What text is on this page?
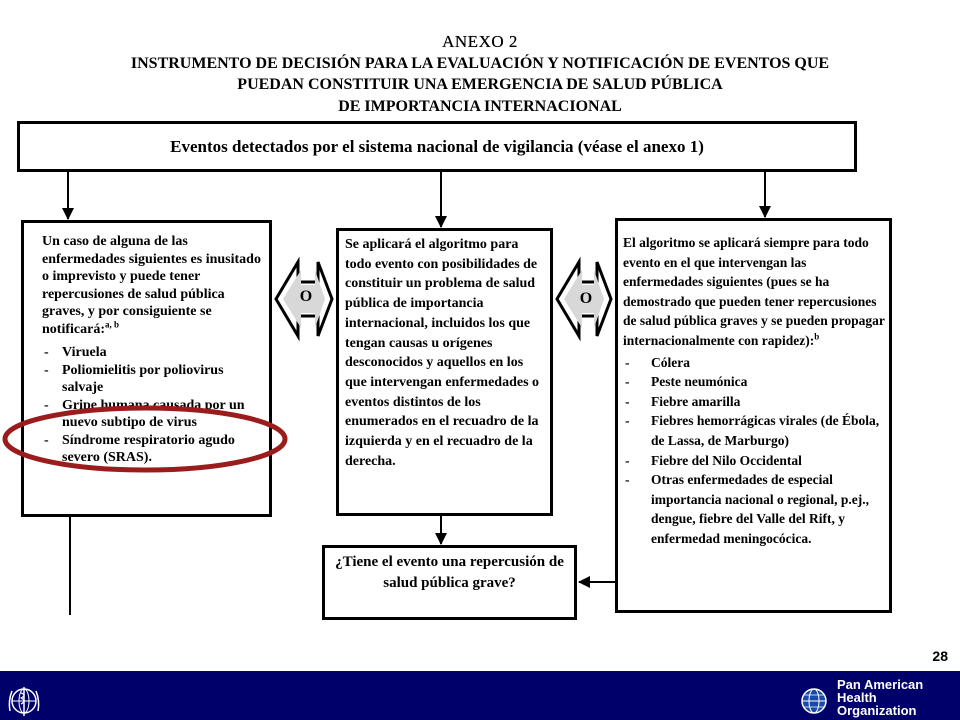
ANEXO 2
INSTRUMENTO DE DECISIÓN PARA LA EVALUACIÓN Y NOTIFICACIÓN DE EVENTOS QUE
PUEDAN CONSTITUIR UNA EMERGENCIA DE SALUD PÚBLICA
DE IMPORTANCIA INTERNACIONAL
O	O
Eventos detectados por el sistema nacional de vigilancia (véase el anexo 1)
Un caso de alguna de las enfermedades siguientes es inusitado o imprevisto y puede tener repercusiones de salud pública graves, y por consiguiente se notificará:$^{a, b}$
- Viruela
- Poliomielitis por poliovirus salvaje
- Gripe humana causada por un nuevo subtipo de virus
- Síndrome respiratorio agudo severo (SRAS).
Se aplicará el algoritmo para todo evento con posibilidades de constituir un problema de salud pública de importancia internacional, incluidos los que tengan causas u orígenes desconocidos y aquellos en los que intervengan enfermedades o eventos distintos de los enumerados en el recuadro de la izquierda y en el recuadro de la derecha.
El algoritmo se aplicará siempre para todo evento en el que intervengan las enfermedades siguientes (pues se ha demostrado que pueden tener repercusiones de salud pública graves y se pueden propagar internacionalmente con rapidez):$^b$
- Cólera
- Peste neumónica
- Fiebre amarilla
- Fiebres hemorrágicas virales (de Ébola, de Lassa, de Marburgo)
- Fiebre del Nilo Occidental
- Otras enfermedades de especial importancia nacional o regional, p.ej., dengue, fiebre del Valle del Rift, y enfermedad meningocócica.
¿Tiene el evento una repercusión de salud pública grave?
28
Pan American
Health
Organization
